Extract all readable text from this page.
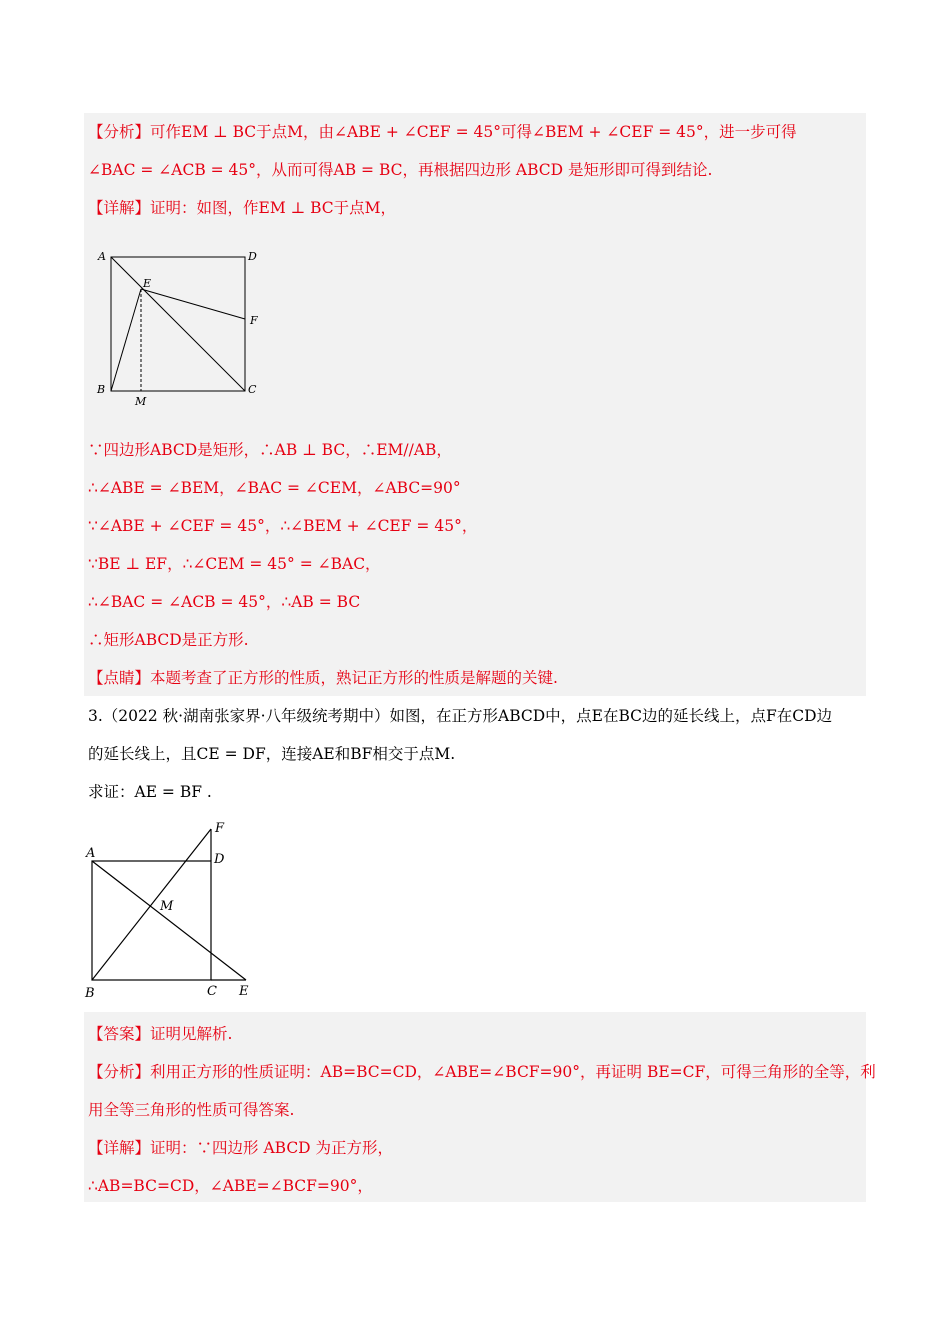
【分析】可作EM ⊥ BC于点M，由∠ABE + ∠CEF = 45°可得∠BEM + ∠CEF = 45°，进一步可得
∠BAC = ∠ACB = 45°，从而可得AB = BC，再根据四边形 ABCD 是矩形即可得到结论.
【详解】证明：如图，作EM ⊥ BC于点M，
A	D
E
F
B	C
M
∵四边形ABCD是矩形，∴AB ⊥ BC，∴EM//AB，
∴∠ABE = ∠BEM，∠BAC = ∠CEM，∠ABC=90°
∵∠ABE + ∠CEF = 45°，∴∠BEM + ∠CEF = 45°，
∵BE ⊥ EF，∴∠CEM = 45° = ∠BAC，
∴∠BAC = ∠ACB = 45°，∴AB = BC
∴矩形ABCD是正方形.
【点睛】本题考查了正方形的性质，熟记正方形的性质是解题的关键.
3.（2022 秋·湖南张家界·八年级统考期中）如图，在正方形ABCD中，点E在BC边的延长线上，点F在CD边
的延长线上，且CE = DF，连接AE和BF相交于点M.
求证：AE = BF .
A	D
F
M
B	C E
【答案】证明见解析.
【分析】利用正方形的性质证明：AB=BC=CD，∠ABE=∠BCF=90°，再证明 BE=CF，可得三角形的全等，利
用全等三角形的性质可得答案.
【详解】证明：∵四边形 ABCD 为正方形，
∴AB=BC=CD，∠ABE=∠BCF=90°，
